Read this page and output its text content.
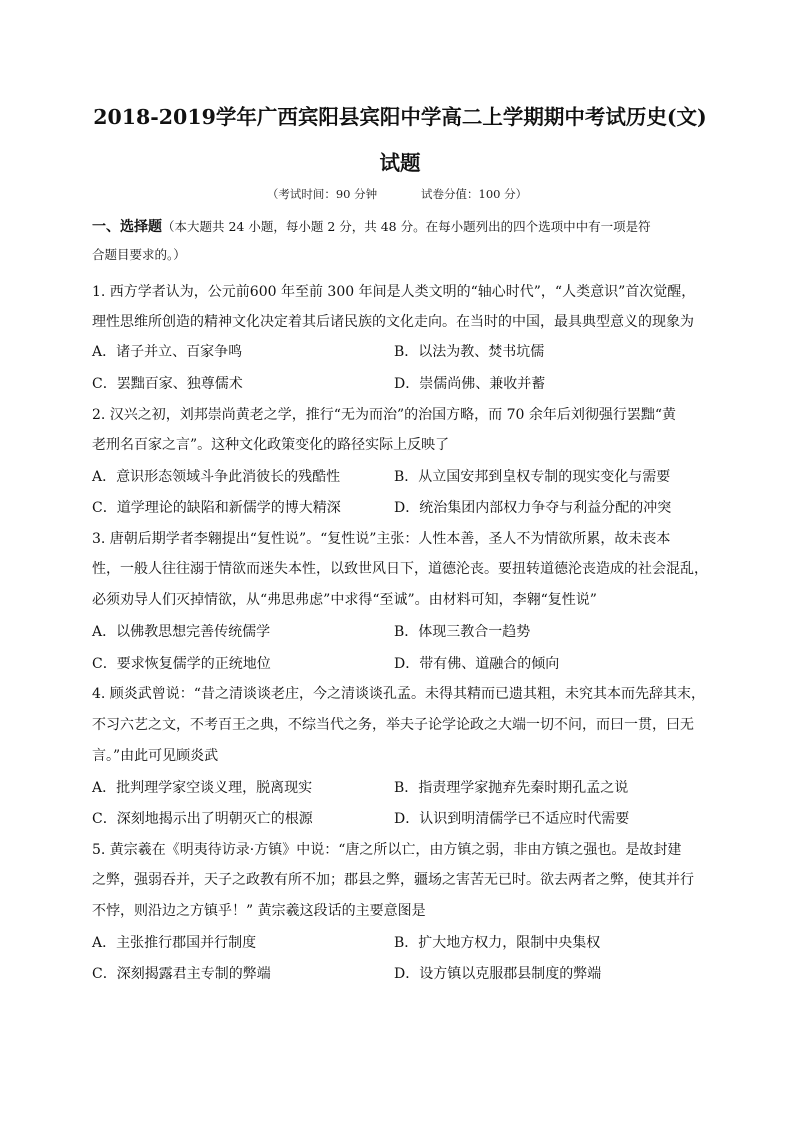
2018-2019学年广西宾阳县宾阳中学高二上学期期中考试历史(文)
试题
（考试时间：90 分钟	试卷分值：100 分）
一、选择题（本大题共 24 小题，每小题 2 分，共 48 分。在每小题列出的四个选项中中有一项是符
合题目要求的。）
1. 西方学者认为，公元前600 年至前 300 年间是人类文明的“轴心时代”，“人类意识”首次觉醒，
理性思维所创造的精神文化决定着其后诸民族的文化走向。在当时的中国，最具典型意义的现象为
A．诸子并立、百家争鸣	B．以法为教、焚书坑儒
C．罢黜百家、独尊儒术	D．崇儒尚佛、兼收并蓄
2. 汉兴之初，刘邦崇尚黄老之学，推行“无为而治”的治国方略，而 70 余年后刘彻强行罢黜“黄
老刑名百家之言”。这种文化政策变化的路径实际上反映了
A．意识形态领域斗争此消彼长的残酷性	B．从立国安邦到皇权专制的现实变化与需要
C．道学理论的缺陷和新儒学的博大精深	D．统治集团内部权力争夺与利益分配的冲突
3. 唐朝后期学者李翱提出“复性说”。“复性说”主张：人性本善，圣人不为情欲所累，故未丧本
性，一般人往往溺于情欲而迷失本性，以致世风日下，道德沦丧。要扭转道德沦丧造成的社会混乱，
必须劝导人们灭掉情欲，从“弗思弗虑”中求得“至诚”。由材料可知，李翱“复性说”
A．以佛教思想完善传统儒学	B．体现三教合一趋势
C．要求恢复儒学的正统地位	D．带有佛、道融合的倾向
4. 顾炎武曾说：“昔之清谈谈老庄，今之清谈谈孔孟。未得其精而已遗其粗，未究其本而先辞其末，
不习六艺之文，不考百王之典，不综当代之务，举夫子论学论政之大端一切不问，而曰一贯，曰无
言。”由此可见顾炎武
A．批判理学家空谈义理，脱离现实	B．指责理学家抛弃先秦时期孔孟之说
C．深刻地揭示出了明朝灭亡的根源	D．认识到明清儒学已不适应时代需要
5. 黄宗羲在《明夷待访录·方镇》中说：“唐之所以亡，由方镇之弱，非由方镇之强也。是故封建
之弊，强弱吞并，天子之政教有所不加；郡县之弊，疆场之害苦无已时。欲去两者之弊，使其并行
不悖，则沿边之方镇乎！” 黄宗羲这段话的主要意图是
A．主张推行郡国并行制度	B．扩大地方权力，限制中央集权
C．深刻揭露君主专制的弊端	D．设方镇以克服郡县制度的弊端
